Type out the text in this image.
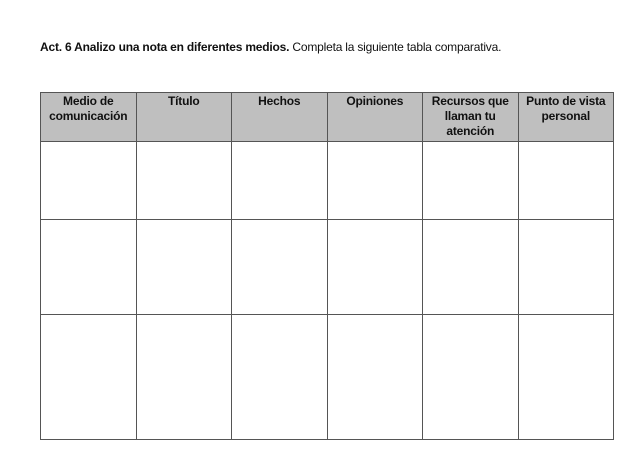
Act. 6 Analizo una nota en diferentes medios. Completa la siguiente tabla comparativa.
Medio de comunicación	Título	Hechos	Opiniones	Recursos que llaman tu atención	Punto de vista personal
